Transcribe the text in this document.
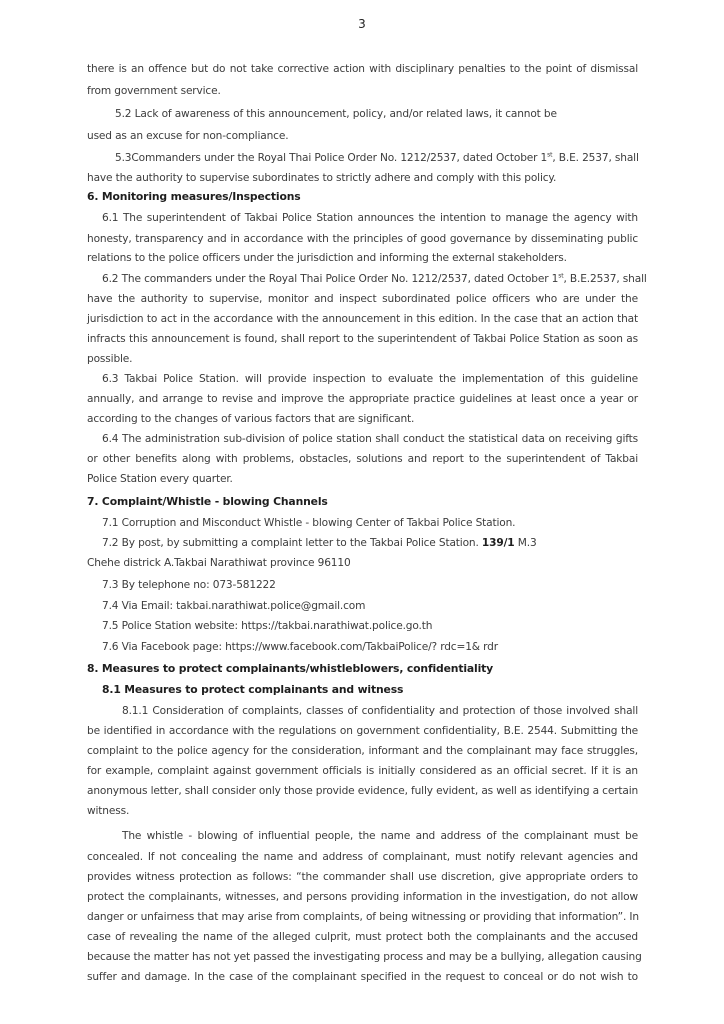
3
there is an offence but do not take corrective action with disciplinary penalties to the point of dismissal
from government service.
5.2 Lack of awareness of this announcement, policy, and/or related laws, it cannot be
used as an excuse for non-compliance.
5.3Commanders under the Royal Thai Police Order No. 1212/2537, dated October 1st, B.E. 2537, shall
have the authority to supervise subordinates to strictly adhere and comply with this policy.
6. Monitoring measures/Inspections
6.1 The superintendent of Takbai Police Station announces the intention to manage the agency with
honesty, transparency and in accordance with the principles of good governance by disseminating public
relations to the police officers under the jurisdiction and informing the external stakeholders.
6.2 The commanders under the Royal Thai Police Order No. 1212/2537, dated October 1st, B.E.2537, shall
have the authority to supervise, monitor and inspect subordinated police officers who are under the
jurisdiction to act in the accordance with the announcement in this edition. In the case that an action that
infracts this announcement is found, shall report to the superintendent of Takbai Police Station as soon as
possible.
6.3 Takbai Police Station. will provide inspection to evaluate the implementation of this guideline
annually, and arrange to revise and improve the appropriate practice guidelines at least once a year or
according to the changes of various factors that are significant.
6.4 The administration sub-division of police station shall conduct the statistical data on receiving gifts
or other benefits along with problems, obstacles, solutions and report to the superintendent of Takbai
Police Station every quarter.
7. Complaint/Whistle - blowing Channels
7.1 Corruption and Misconduct Whistle - blowing Center of Takbai Police Station.
7.2 By post, by submitting a complaint letter to the Takbai Police Station. 139/1 M.3
Chehe districk A.Takbai Narathiwat province 96110
7.3 By telephone no: 073-581222
7.4 Via Email: takbai.narathiwat.police@gmail.com
7.5 Police Station website: https://takbai.narathiwat.police.go.th
7.6 Via Facebook page: https://www.facebook.com/TakbaiPolice/? rdc=1& rdr
8. Measures to protect complainants/whistleblowers, confidentiality
8.1 Measures to protect complainants and witness
8.1.1 Consideration of complaints, classes of confidentiality and protection of those involved shall
be identified in accordance with the regulations on government confidentiality, B.E. 2544. Submitting the
complaint to the police agency for the consideration, informant and the complainant may face struggles,
for example, complaint against government officials is initially considered as an official secret. If it is an
anonymous letter, shall consider only those provide evidence, fully evident, as well as identifying a certain
witness.
The whistle - blowing of influential people, the name and address of the complainant must be
concealed. If not concealing the name and address of complainant, must notify relevant agencies and
provides witness protection as follows: “the commander shall use discretion, give appropriate orders to
protect the complainants, witnesses, and persons providing information in the investigation, do not allow
danger or unfairness that may arise from complaints, of being witnessing or providing that information”. In
case of revealing the name of the alleged culprit, must protect both the complainants and the accused
because the matter has not yet passed the investigating process and may be a bullying, allegation causing
suffer and damage. In the case of the complainant specified in the request to conceal or do not wish to
